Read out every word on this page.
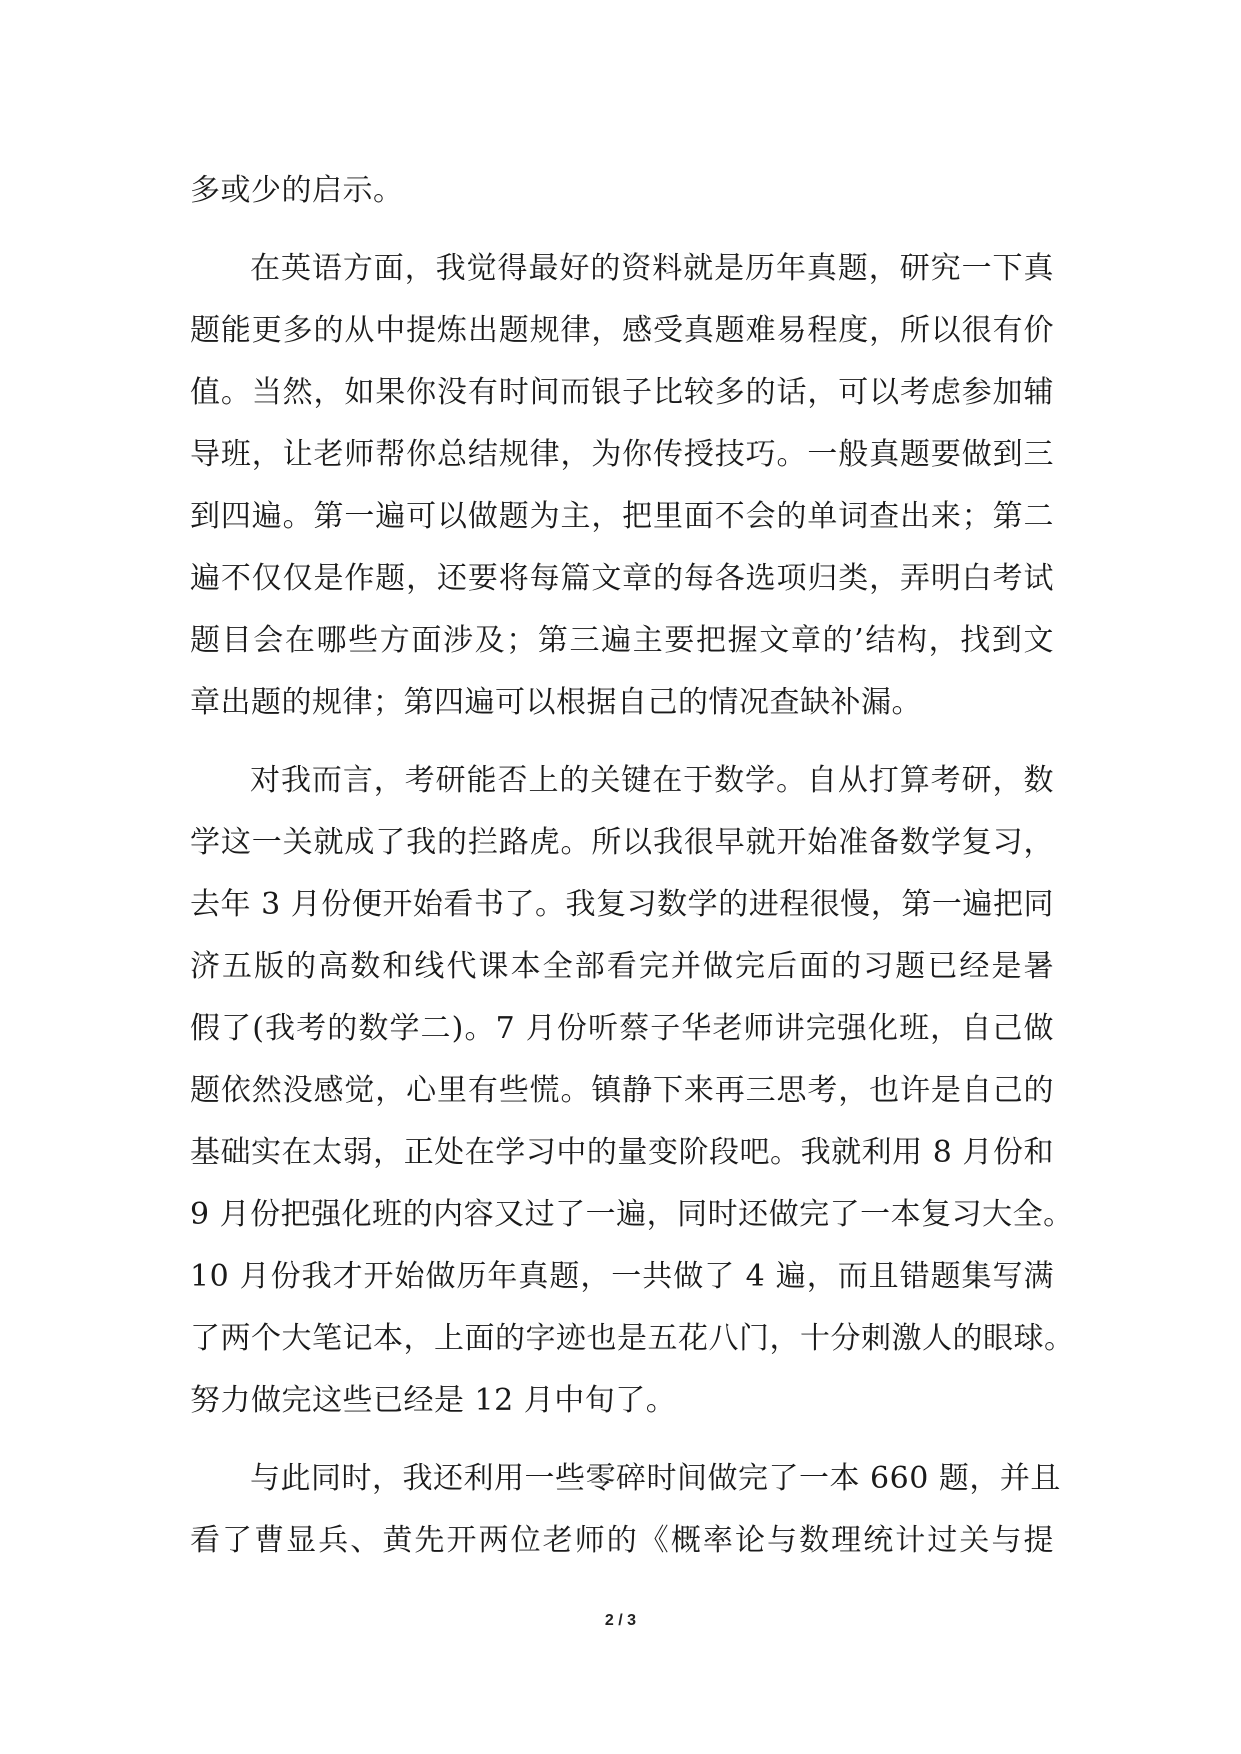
多或少的启示。
在英语方面，我觉得最好的资料就是历年真题，研究一下真
题能更多的从中提炼出题规律，感受真题难易程度，所以很有价
值。当然，如果你没有时间而银子比较多的话，可以考虑参加辅
导班，让老师帮你总结规律，为你传授技巧。一般真题要做到三
到四遍。第一遍可以做题为主，把里面不会的单词查出来；第二
遍不仅仅是作题，还要将每篇文章的每各选项归类，弄明白考试
题目会在哪些方面涉及；第三遍主要把握文章的’结构，找到文
章出题的规律；第四遍可以根据自己的情况查缺补漏。
对我而言，考研能否上的关键在于数学。自从打算考研，数
学这一关就成了我的拦路虎。所以我很早就开始准备数学复习，
去年 3 月份便开始看书了。我复习数学的进程很慢，第一遍把同
济五版的高数和线代课本全部看完并做完后面的习题已经是暑
假了(我考的数学二)。7 月份听蔡子华老师讲完强化班，自己做
题依然没感觉，心里有些慌。镇静下来再三思考，也许是自己的
基础实在太弱，正处在学习中的量变阶段吧。我就利用 8 月份和
9 月份把强化班的内容又过了一遍，同时还做完了一本复习大全。
10 月份我才开始做历年真题，一共做了 4 遍，而且错题集写满
了两个大笔记本，上面的字迹也是五花八门，十分刺激人的眼球。
努力做完这些已经是 12 月中旬了。
与此同时，我还利用一些零碎时间做完了一本 660 题，并且
看了曹显兵、黄先开两位老师的《概率论与数理统计过关与提
2 / 3
